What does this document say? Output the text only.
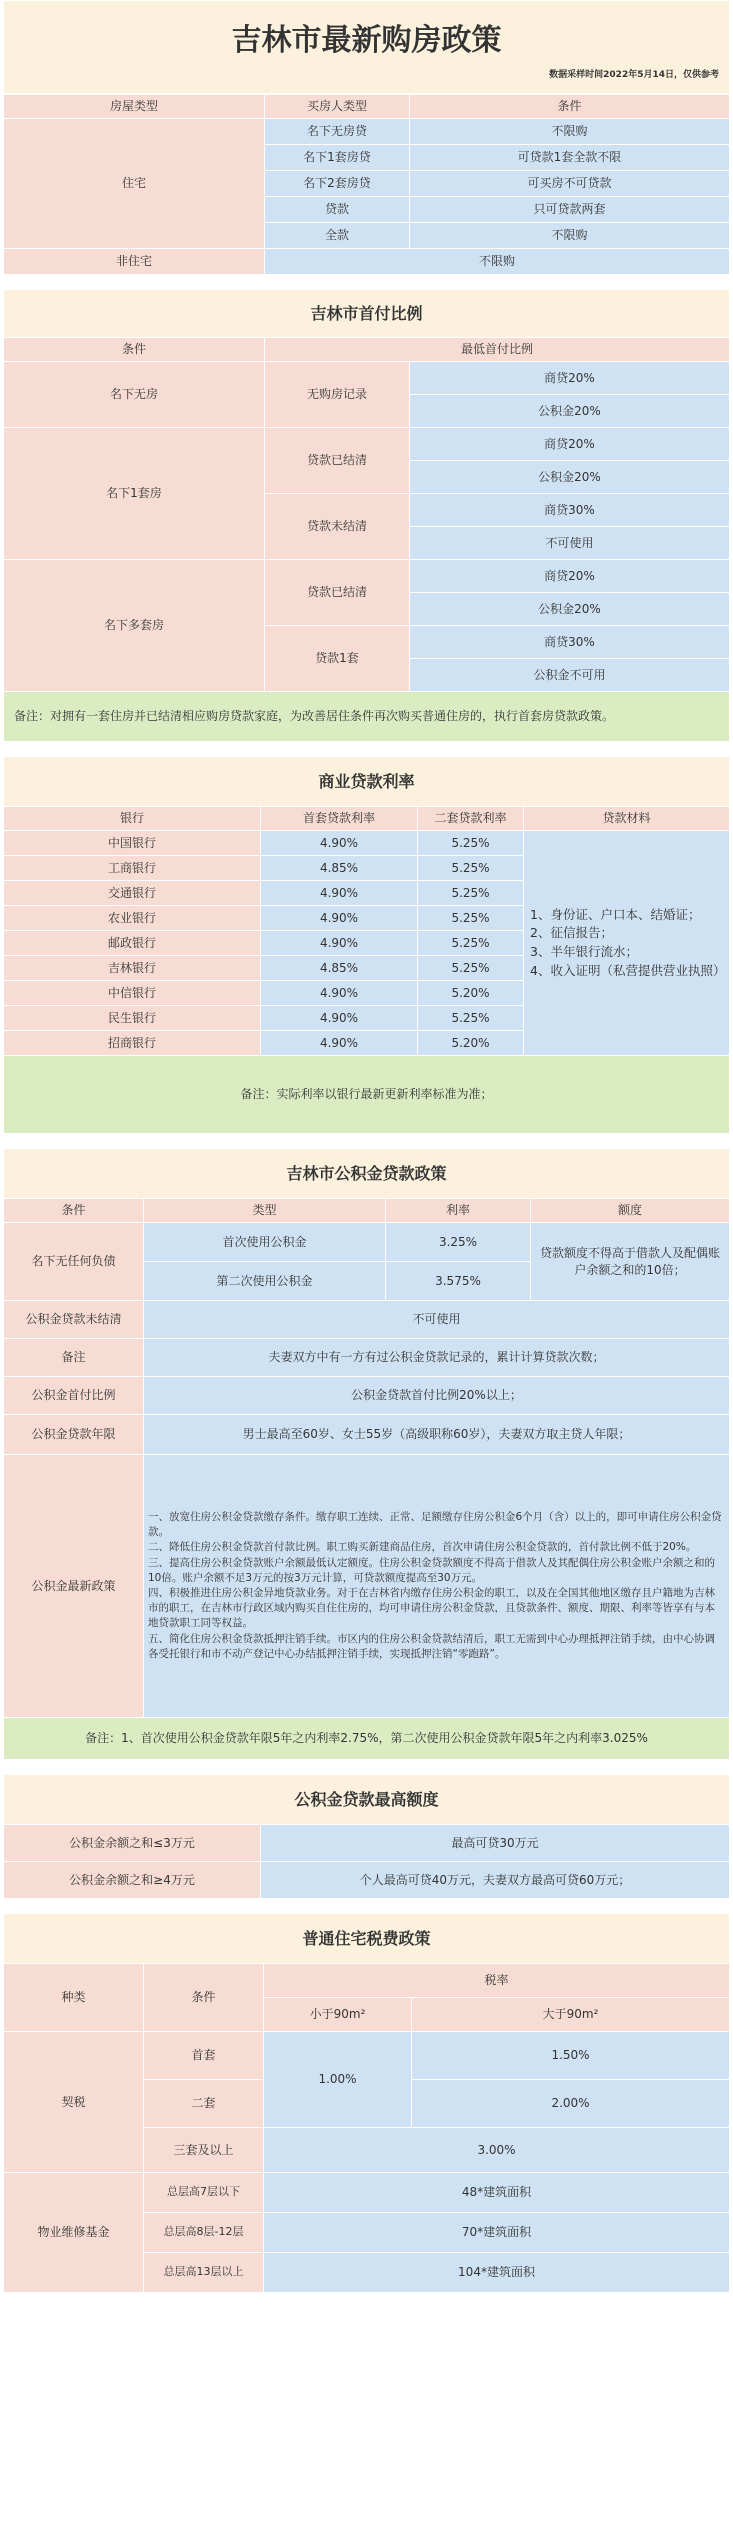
吉林市最新购房政策
数据采样时间2022年5月14日，仅供参考
房屋类型	买房人类型	条件
住宅	名下无房贷	不限购
	名下1套房贷	可贷款1套全款不限
	名下2套房贷	可买房不可贷款
	贷款	只可贷款两套
	全款	不限购
非住宅	不限购	
吉林市首付比例		
条件	最低首付比例	
名下无房	无购房记录	商贷20%
		公积金20%
名下1套房	贷款已结清	商贷20%
		公积金20%
	贷款未结清	商贷30%
		不可使用
名下多套房	贷款已结清	商贷20%
		公积金20%
	贷款1套	商贷30%
		公积金不可用
备注：对拥有一套住房并已结清相应购房贷款家庭，为改善居住条件再次购买普通住房的，执行首套房贷款政策。		
商业贷款利率			
银行	首套贷款利率	二套贷款利率	贷款材料
中国银行	4.90%	5.25%	1、身份证、户口本、结婚证；
2、征信报告；
3、半年银行流水；
4、收入证明（私营提供营业执照）

工商银行	4.85%	5.25%	
交通银行	4.90%	5.25%	
农业银行	4.90%	5.25%	
邮政银行	4.90%	5.25%	
吉林银行	4.85%	5.25%	
中信银行	4.90%	5.20%	
民生银行	4.90%	5.25%	
招商银行	4.90%	5.20%	
备注：实际利率以银行最新更新利率标准为准；			
吉林市公积金贷款政策			
条件	类型	利率	额度
名下无任何负债	首次使用公积金	3.25%	贷款额度不得高于借款人及配偶账户余额之和的10倍；
	第二次使用公积金	3.575%	
公积金贷款未结清	不可使用		
备注	夫妻双方中有一方有过公积金贷款记录的，累计计算贷款次数；		
公积金首付比例	公积金贷款首付比例20%以上；		
公积金贷款年限	男士最高至60岁、女士55岁（高级职称60岁），夫妻双方取主贷人年限；		
公积金最新政策	一、放宽住房公积金贷款缴存条件。缴存职工连续、正常、足额缴存住房公积金6个月（含）以上的，即可申请住房公积金贷款。
二、降低住房公积金贷款首付款比例。职工购买新建商品住房，首次申请住房公积金贷款的，首付款比例不低于20%。
三、提高住房公积金贷款账户余额最低认定额度。住房公积金贷款额度不得高于借款人及其配偶住房公积金账户余额之和的10倍。账户余额不足3万元的按3万元计算，可贷款额度提高至30万元。
四、积极推进住房公积金异地贷款业务。对于在吉林省内缴存住房公积金的职工，以及在全国其他地区缴存且户籍地为吉林市的职工，在吉林市行政区域内购买自住住房的，均可申请住房公积金贷款，且贷款条件、额度、期限、利率等皆享有与本地贷款职工同等权益。
五、简化住房公积金贷款抵押注销手续。市区内的住房公积金贷款结清后，职工无需到中心办理抵押注销手续，由中心协调各受托银行和市不动产登记中心办结抵押注销手续，实现抵押注销“零跑路”。		

备注：1、首次使用公积金贷款年限5年之内利率2.75%，第二次使用公积金贷款年限5年之内利率3.025%			
公积金贷款最高额度	
公积金余额之和≤3万元	最高可贷30万元
公积金余额之和≥4万元	个人最高可贷40万元，夫妻双方最高可贷60万元；
普通住宅税费政策			
种类	条件	税率	
		小于90m²	大于90m²
契税	首套	1.00%	1.50%
	二套		2.00%
	三套及以上	3.00%	
物业维修基金	总层高7层以下	48*建筑面积	
	总层高8层-12层	70*建筑面积	
	总层高13层以上	104*建筑面积	
